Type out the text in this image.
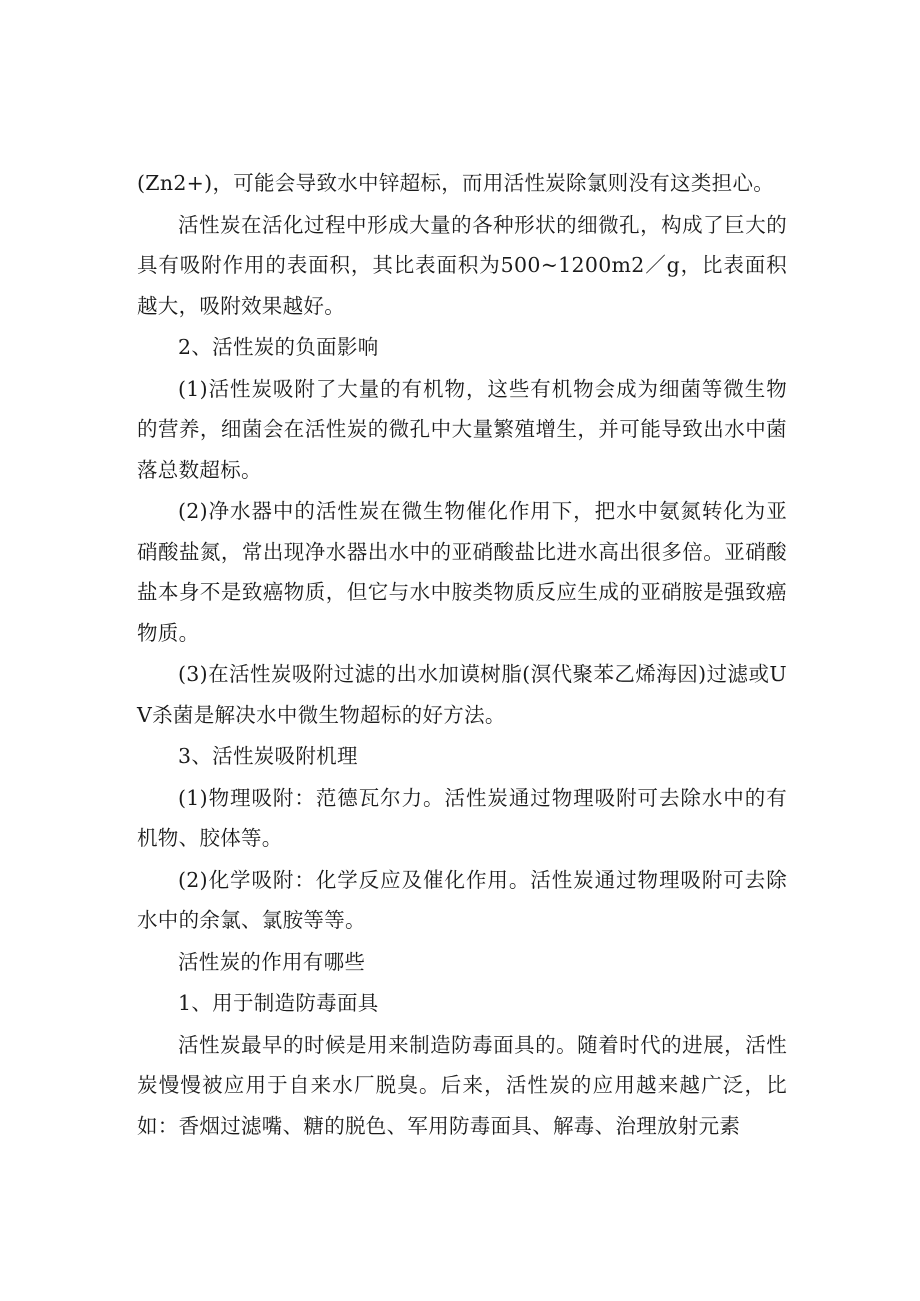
(Zn2+)，可能会导致水中锌超标，而用活性炭除氯则没有这类担心。

活性炭在活化过程中形成大量的各种形状的细微孔，构成了巨大的具有吸附作用的表面积，其比表面积为500~1200m2／g，比表面积越大，吸附效果越好。

2、活性炭的负面影响

(1)活性炭吸附了大量的有机物，这些有机物会成为细菌等微生物的营养，细菌会在活性炭的微孔中大量繁殖增生，并可能导致出水中菌落总数超标。

(2)净水器中的活性炭在微生物催化作用下，把水中氨氮转化为亚硝酸盐氮，常出现净水器出水中的亚硝酸盐比进水高出很多倍。亚硝酸盐本身不是致癌物质，但它与水中胺类物质反应生成的亚硝胺是强致癌物质。

(3)在活性炭吸附过滤的出水加谟树脂(溟代聚苯乙烯海因)过滤或UV杀菌是解决水中微生物超标的好方法。

3、活性炭吸附机理

(1)物理吸附：范德瓦尔力。活性炭通过物理吸附可去除水中的有机物、胶体等。

(2)化学吸附：化学反应及催化作用。活性炭通过物理吸附可去除水中的余氯、氯胺等等。

活性炭的作用有哪些

1、用于制造防毒面具

活性炭最早的时候是用来制造防毒面具的。随着时代的进展，活性炭慢慢被应用于自来水厂脱臭。后来，活性炭的应用越来越广泛，比如：香烟过滤嘴、糖的脱色、军用防毒面具、解毒、治理放射元素
